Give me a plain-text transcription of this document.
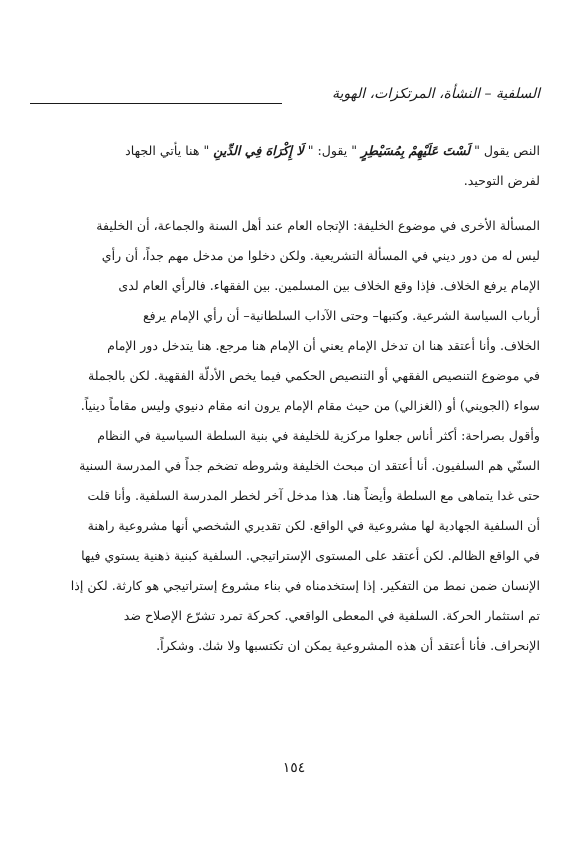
السلفية – النشأة، المرتكزات، الهوية
النص يقول " لَسْتَ عَلَيْهِمْ بِمُسَيْطِرٍ " يقول: " لَا إِكْرَاهَ فِي الدِّينِ " هنا يأتي الجهاد
لفرض التوحيد.
المسألة الأخرى في موضوع الخليفة: الإتجاه العام عند أهل السنة والجماعة، أن الخليفة
ليس له من دور ديني في المسألة التشريعية. ولكن دخلوا من مدخل مهم جداً، أن رأي
الإمام يرفع الخلاف. فإذا وقع الخلاف بين المسلمين. بين الفقهاء. فالرأي العام لدى
أرباب السياسة الشرعية. وكتبها– وحتى الآداب السلطانية– أن رأي الإمام يرفع
الخلاف. وأنا أعتقد هنا ان تدخل الإمام يعني أن الإمام هنا مرجع. هنا يتدخل دور الإمام
في موضوع التنصيص الفقهي أو التنصيص الحكمي فيما يخص الأدلّة الفقهية. لكن بالجملة
سواء (الجويني) أو (الغزالي) من حيث مقام الإمام يرون انه مقام دنيوي وليس مقاماً دينياً.
وأقول بصراحة: أكثر أناس جعلوا مركزية للخليفة في بنية السلطة السياسية في النظام
السنّي هم السلفيون. أنا أعتقد ان مبحث الخليفة وشروطه تضخم جداً في المدرسة السنية
حتى غدا يتماهى مع السلطة وأيضاً هنا. هذا مدخل آخر لخطر المدرسة السلفية. وأنا قلت
أن السلفية الجهادية لها مشروعية في الواقع. لكن تقديري الشخصي أنها مشروعية راهنة
في الواقع الظالم. لكن أعتقد على المستوى الإستراتيجي. السلفية كبنية ذهنية يستوي فيها
الإنسان ضمن نمط من التفكير. إذا إستخدمناه في بناء مشروع إستراتيجي هو كارثة. لكن إذا
تم استثمار الحركة. السلفية في المعطى الواقعي. كحركة تمرد تشرّع الإصلاح ضد
الإنحراف. فأنا أعتقد أن هذه المشروعية يمكن ان تكتسبها ولا شك. وشكراً.
١٥٤
